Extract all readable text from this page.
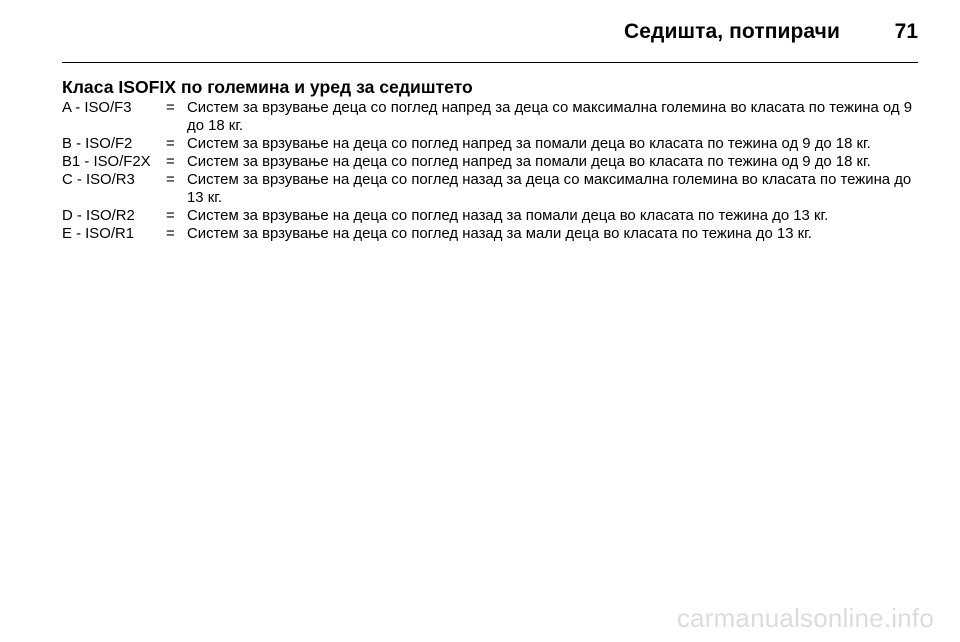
Седишта, потпирачи	71
Класа ISOFIX по големина и уред за седиштето
A - ISO/F3	= Систем за врзување деца со поглед напред за деца со максимална големина во класата по тежина од 9 до 18 кг.
B - ISO/F2	= Систем за врзување на деца со поглед напред за помали деца во класата по тежина од 9 до 18 кг.
B1 - ISO/F2X	= Систем за врзување на деца со поглед напред за помали деца во класата по тежина од 9 до 18 кг.
C - ISO/R3	= Систем за врзување на деца со поглед назад за деца со максимална големина во класата по тежина до 13 кг.
D - ISO/R2	= Систем за врзување на деца со поглед назад за помали деца во класата по тежина до 13 кг.
E - ISO/R1	= Систем за врзување на деца со поглед назад за мали деца во класата по тежина до 13 кг.
carmanualsonline.info
